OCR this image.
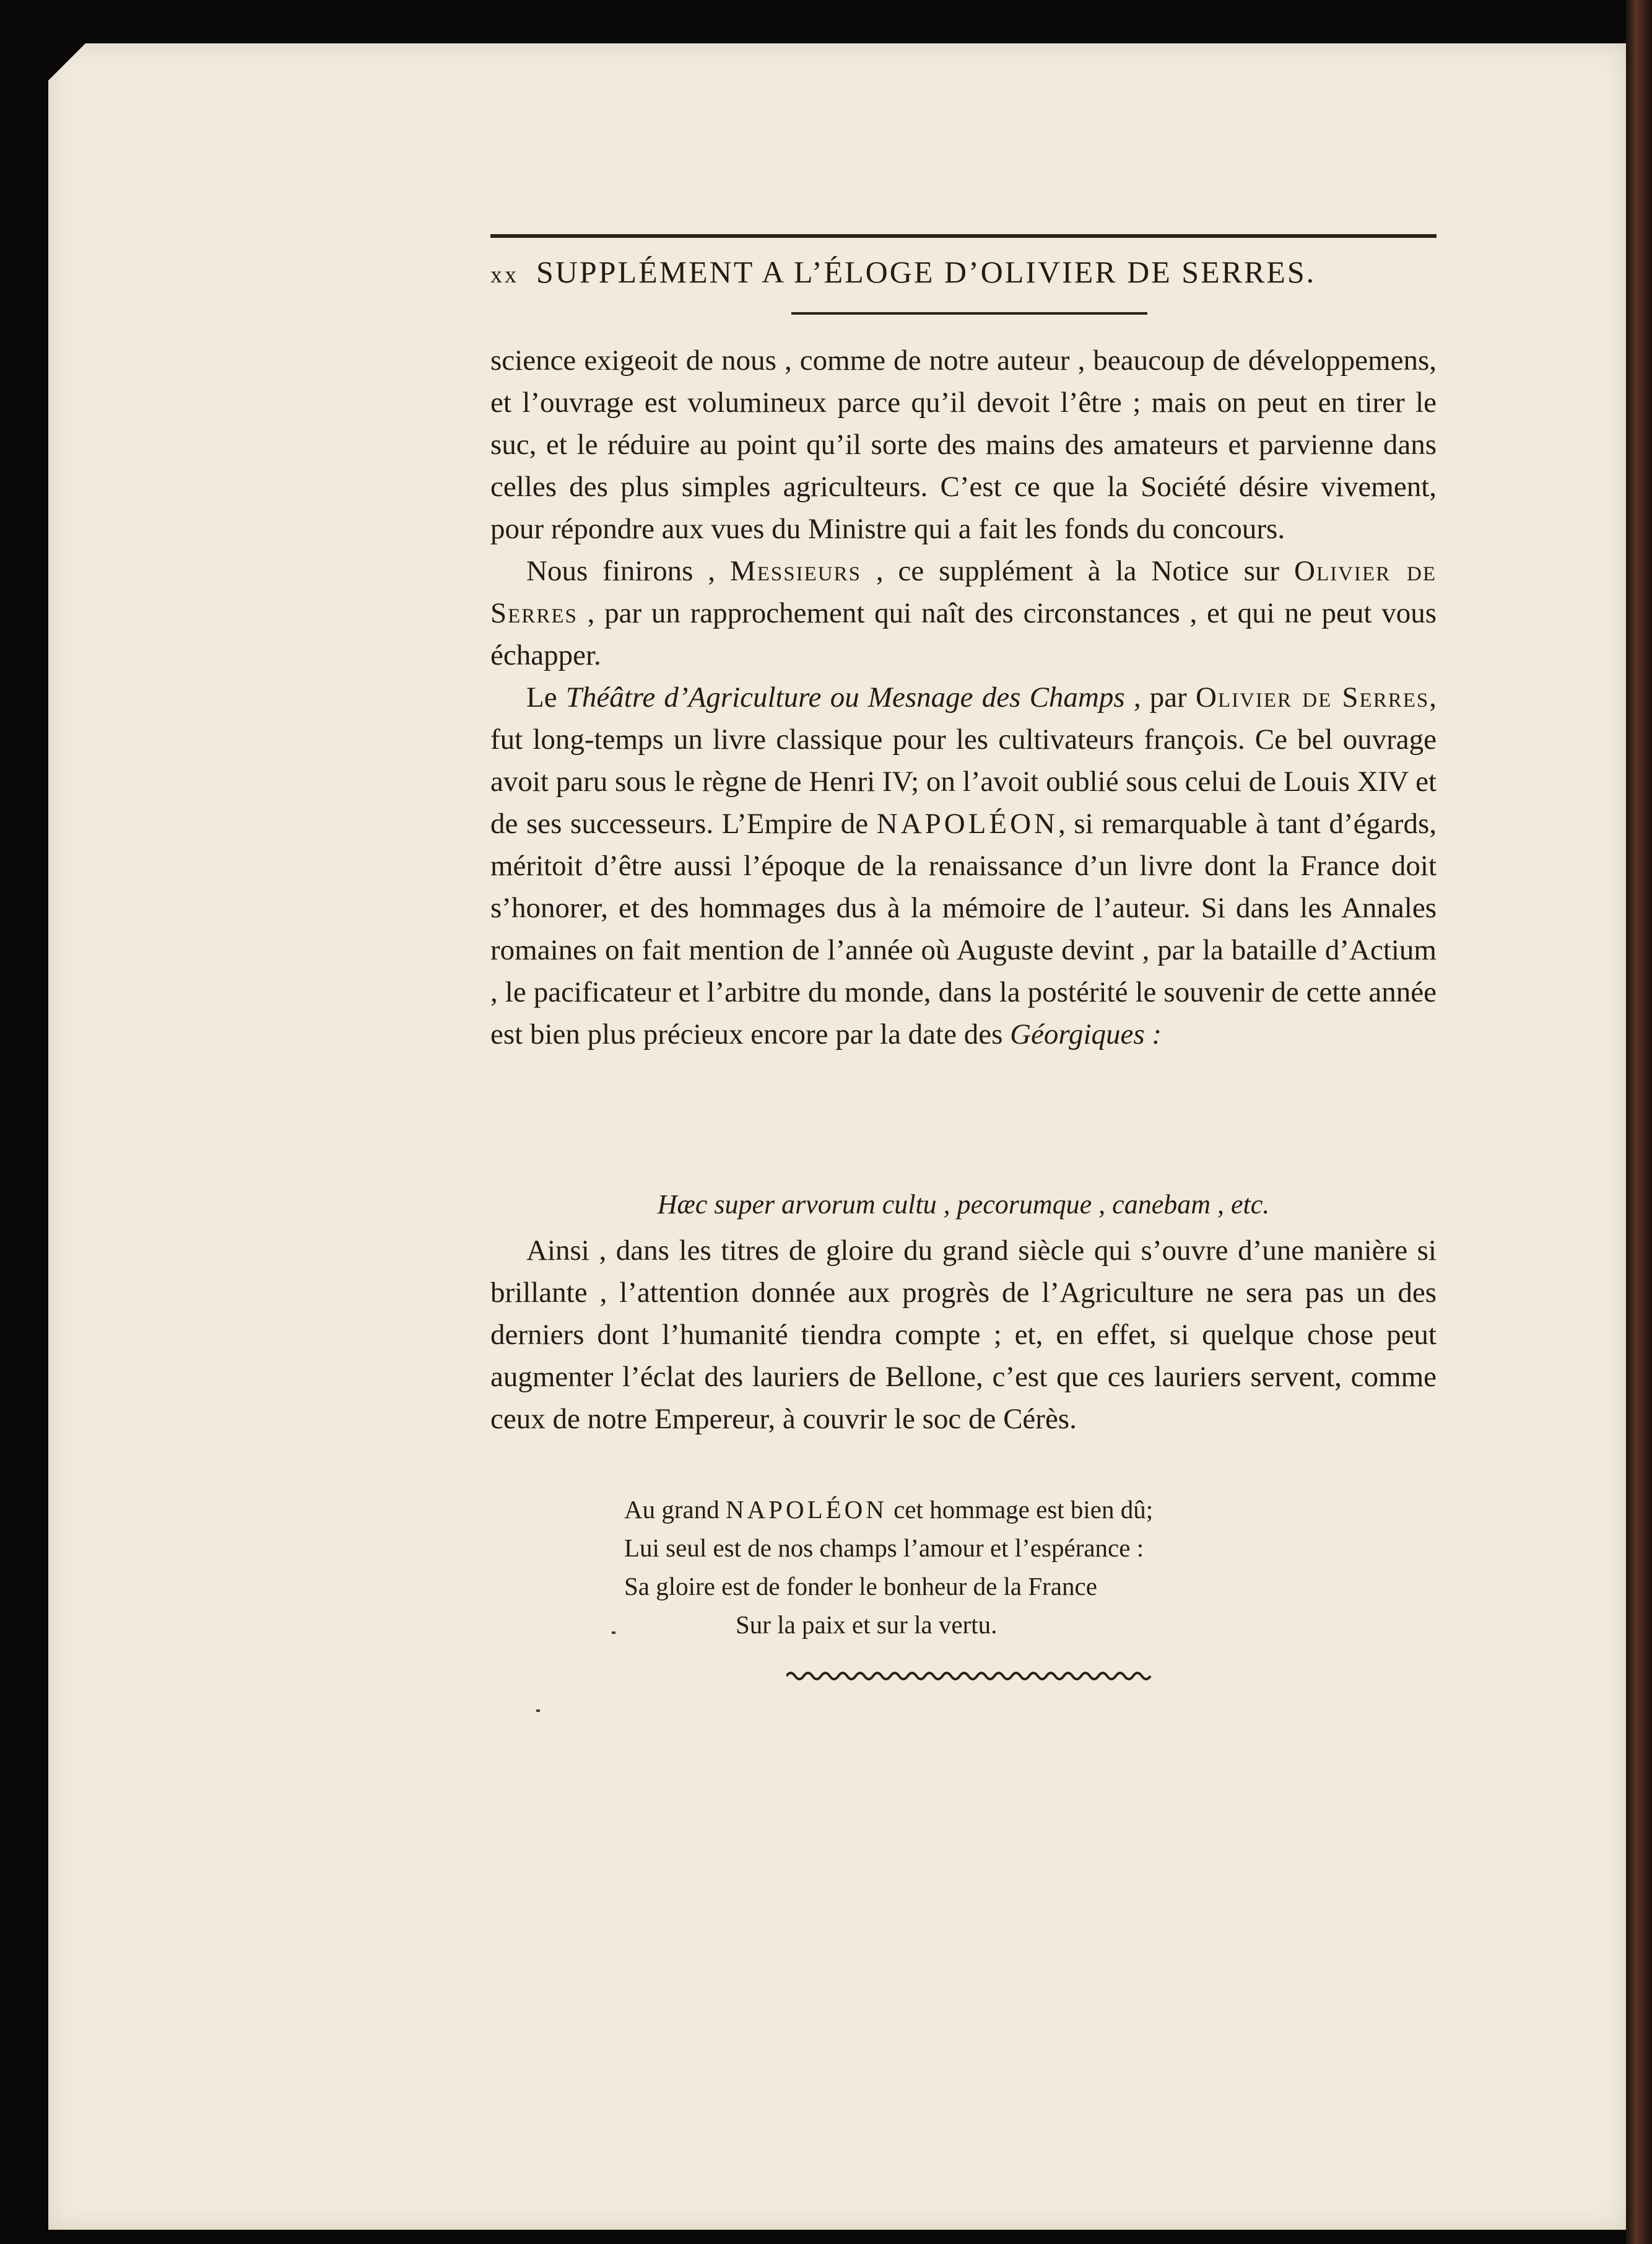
xx SUPPLÉMENT A L’ÉLOGE D’OLIVIER DE SERRES.

science exigeoit de nous , comme de notre auteur , beaucoup de développemens, et l’ouvrage est volumineux parce qu’il devoit l’être ; mais on peut en tirer le suc, et le réduire au point qu’il sorte des mains des amateurs et parvienne dans celles des plus simples agriculteurs. C’est ce que la Société désire vivement, pour répondre aux vues du Ministre qui a fait les fonds du concours.

Nous finirons , Messieurs , ce supplément à la Notice sur Olivier de Serres , par un rapprochement qui naît des circonstances , et qui ne peut vous échapper.

Le Théâtre d’Agriculture ou Mesnage des Champs , par Olivier de Serres, fut long-temps un livre classique pour les cultivateurs françois. Ce bel ouvrage avoit paru sous le règne de Henri IV; on l’avoit oublié sous celui de Louis XIV et de ses successeurs. L’Empire de NAPOLÉON, si remarquable à tant d’égards, méritoit d’être aussi l’époque de la renaissance d’un livre dont la France doit s’honorer, et des hommages dus à la mémoire de l’auteur. Si dans les Annales romaines on fait mention de l’année où Auguste devint , par la bataille d’Actium , le pacificateur et l’arbitre du monde, dans la postérité le souvenir de cette année est bien plus précieux encore par la date des Géorgiques :

Hæc super arvorum cultu , pecorumque , canebam , etc.

Ainsi , dans les titres de gloire du grand siècle qui s’ouvre d’une manière si brillante , l’attention donnée aux progrès de l’Agriculture ne sera pas un des derniers dont l’humanité tiendra compte ; et, en effet, si quelque chose peut augmenter l’éclat des lauriers de Bellone, c’est que ces lauriers servent, comme ceux de notre Empereur, à couvrir le soc de Cérès.

Au grand NAPOLÉON cet hommage est bien dû;
Lui seul est de nos champs l’amour et l’espérance :
Sa gloire est de fonder le bonheur de la France
Sur la paix et sur la vertu.
